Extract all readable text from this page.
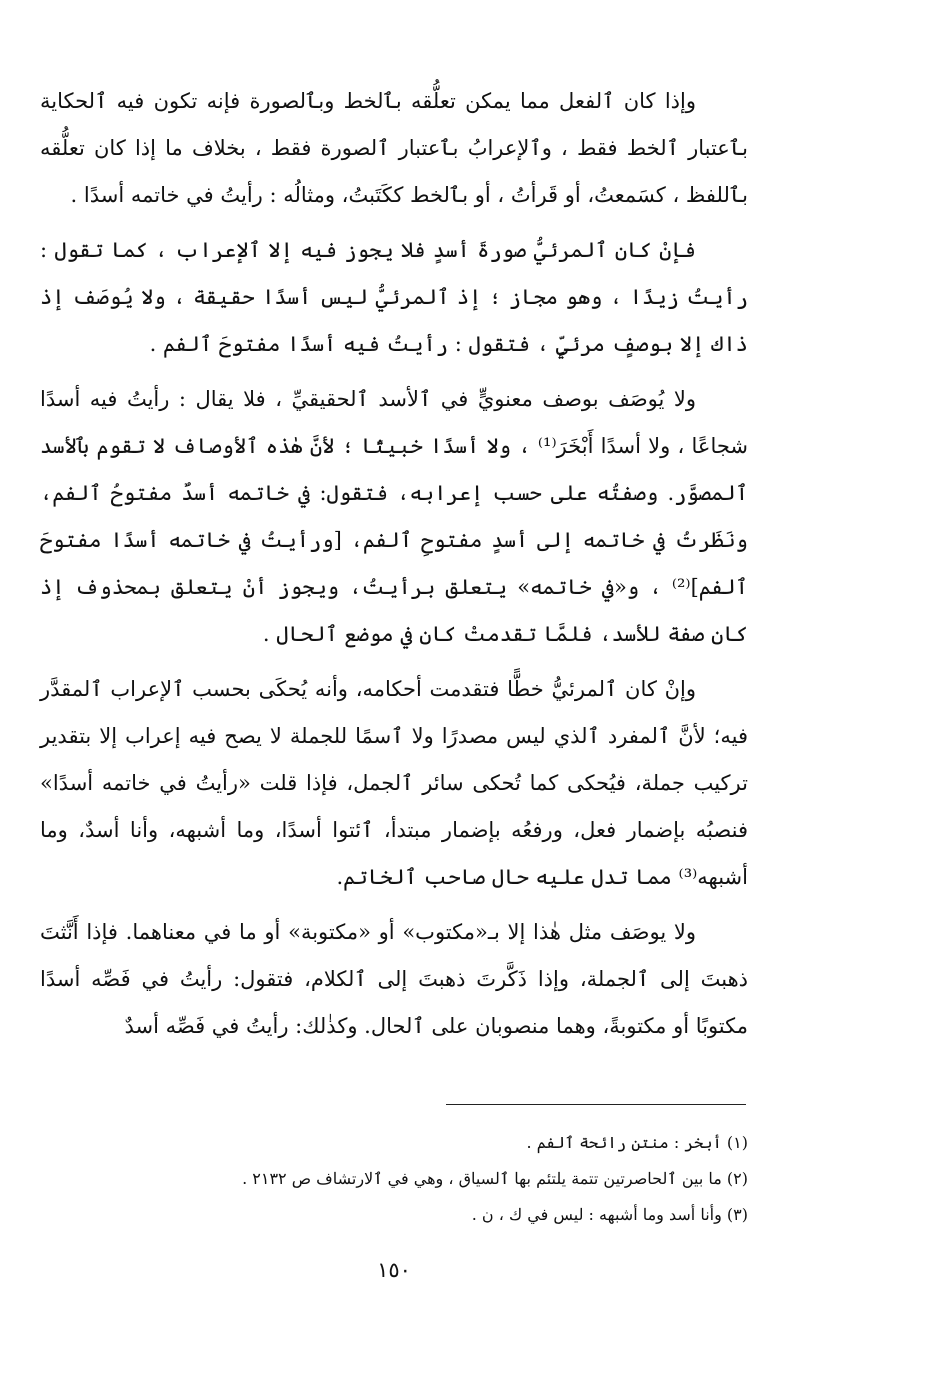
وإذا كان ٱلفعل مما يمكن تعلُّقه بٱلخط وبٱلصورة فإنه تكون فيه ٱلحكاية بٱعتبار ٱلخط فقط ، وٱلإعرابُ بٱعتبار ٱلصورة فقط ، بخلاف ما إذا كان تعلُّقه بٱللفظ ، كسَمعتُ، أو قَرأتُ ، أو بٱلخط ككَتَبتُ، ومثالُه : رأيتُ في خاتمه أسدًا .

فإنْ كان ٱلمرئيُّ صورةَ أسدٍ فلا يجوز فيه إلا ٱلإعراب ، كما تقول : رأيتُ زيدًا ، وهو مجاز ؛ إذ ٱلمرئيُّ ليس أسدًا حقيقة ، ولا يُوصَف إذ ذاك إلا بوصفٍ مرئيٍّ ، فتقول : رأيتُ فيه أسدًا مفتوحَ ٱلفم .

ولا يُوصَف بوصف معنويٍّ في ٱلأسد ٱلحقيقيِّ ، فلا يقال : رأيتُ فيه أسدًا شجاعًا ، ولا أسدًا أَبْخَرَ⁽¹⁾ ، ولا أسدًا خبيثًا ؛ لأنَّ هٰذه ٱلأوصاف لا تقوم بٱلأسد ٱلمصوَّر. وصفتُه على حسب إعرابه، فتقول: في خاتمه أسدٌ مفتوحُ ٱلفم، ونَظَرتُ في خاتمه إلى أسدٍ مفتوحِ ٱلفم، [ورأيتُ في خاتمه أسدًا مفتوحَ ٱلفم]⁽²⁾ ، و«في خاتمه» يتعلق برأيتُ، ويجوز أنْ يتعلق بمحذوف إذ كان صفة للأسد، فلمَّا تقدمتْ كان في موضع ٱلحال .

وإنْ كان ٱلمرئيُّ خطًّا فتقدمت أحكامه، وأنه يُحكَى بحسب ٱلإعراب ٱلمقدَّر فيه؛ لأنَّ ٱلمفرد ٱلذي ليس مصدرًا ولا ٱسمًا للجملة لا يصح فيه إعراب إلا بتقدير تركيب جملة، فيُحكى كما تُحكى سائر ٱلجمل، فإذا قلت «رأيتُ في خاتمه أسدًا» فنصبُه بإضمار فعل، ورفعُه بإضمار مبتدأ، ٱئتوا أسدًا، وما أشبهه، وأنا أسدٌ، وما أشبهه⁽³⁾ مما تدل عليه حال صاحب ٱلخاتم.

ولا يوصَف مثل هٰذا إلا بـ«مكتوب» أو «مكتوبة» أو ما في معناهما. فإذا أَنَّثتَ ذهبتَ إلى ٱلجملة، وإذا ذَكَّرتَ ذهبتَ إلى ٱلكلام، فتقول: رأيتُ في فَصِّه أسدًا مكتوبًا أو مكتوبةً، وهما منصوبان على ٱلحال. وكذٰلك: رأيتُ في فَصِّه أسدٌ

(١) أبخر : منتن رائحة ٱلفم .

(٢) ما بين ٱلحاصرتين تتمة يلتئم بها ٱلسياق ، وهي في ٱلارتشاف ص ٢١٣٢ .

(٣) وأنا أسد وما أشبهه : ليس في ك ، ن .

١٥٠
